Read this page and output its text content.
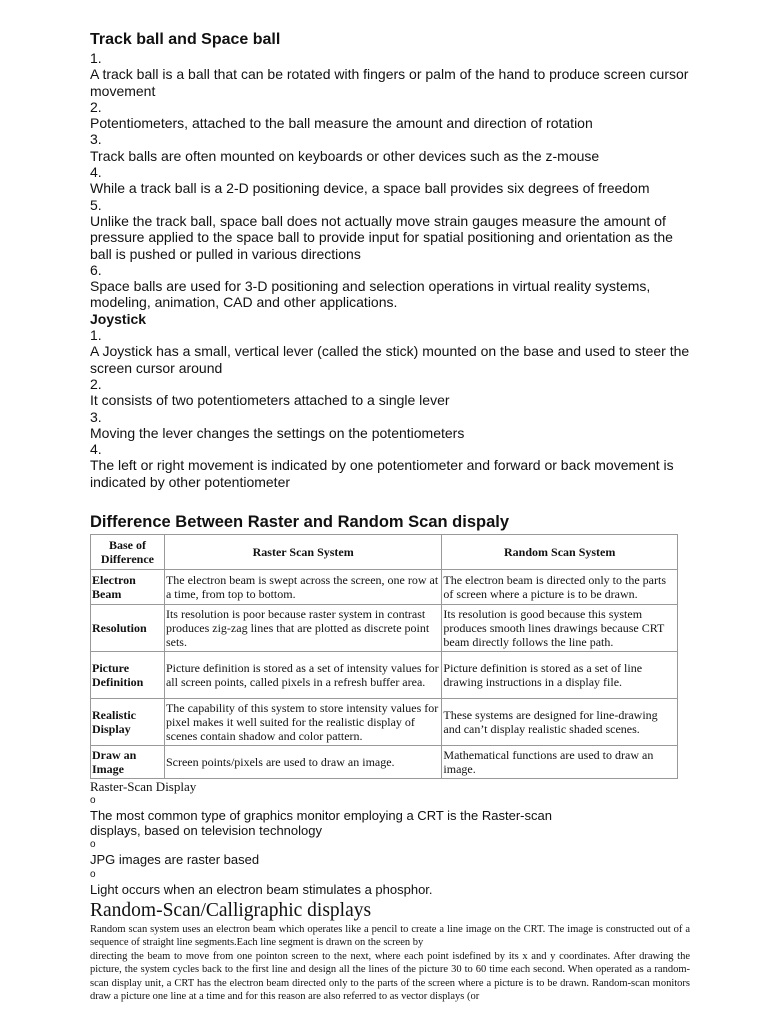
Track ball and Space ball
1.
A track ball is a ball that can be rotated with fingers or palm of the hand to produce screen cursor movement
2.
Potentiometers, attached to the ball measure the amount and direction of rotation
3.
Track balls are often mounted on keyboards or other devices such as the z-mouse
4.
While a track ball is a 2-D positioning device, a space ball provides six degrees of freedom
5.
Unlike the track ball, space ball does not actually move strain gauges measure the amount of pressure applied to the space ball to provide input for spatial positioning and orientation as the ball is pushed or pulled in various directions
6.
Space balls are used for 3-D positioning and selection operations in virtual reality systems, modeling, animation, CAD and other applications.
Joystick
1.
A Joystick has a small, vertical lever (called the stick) mounted on the base and used to steer the screen cursor around
2.
It consists of two potentiometers attached to a single lever
3.
Moving the lever changes the settings on the potentiometers
4.
The left or right movement is indicated by one potentiometer and forward or back movement is indicated by other potentiometer
Difference Between Raster and Random Scan dispaly
Base of Difference	Raster Scan System	Random Scan System
Electron Beam	The electron beam is swept across the screen, one row at a time, from top to bottom.	The electron beam is directed only to the parts of screen where a picture is to be drawn.
Resolution	Its resolution is poor because raster system in contrast produces zig-zag lines that are plotted as discrete point sets.	Its resolution is good because this system produces smooth lines drawings because CRT beam directly follows the line path.
Picture Definition	Picture definition is stored as a set of intensity values for all screen points, called pixels in a refresh buffer area.	Picture definition is stored as a set of line drawing instructions in a display file.
Realistic Display	The capability of this system to store intensity values for pixel makes it well suited for the realistic display of scenes contain shadow and color pattern.	These systems are designed for line-drawing and can’t display realistic shaded scenes.
Draw an Image	Screen points/pixels are used to draw an image.	Mathematical functions are used to draw an image.
Raster-Scan Display
o
The most common type of graphics monitor employing a CRT is the Raster-scan displays, based on television technology
o
JPG images are raster based
o
Light occurs when an electron beam stimulates a phosphor.
Random-Scan/Calligraphic displays
Random scan system uses an electron beam which operates like a pencil to create a line image on the CRT. The image is constructed out of a sequence of straight line segments.Each line segment is drawn on the screen by
directing the beam to move from one pointon screen to the next, where each point isdefined by its x and y coordinates. After drawing the picture, the system cycles back to the first line and design all the lines of the picture 30 to 60 time each second. When operated as a random-scan display unit, a CRT has the electron beam directed only to the parts of the screen where a picture is to be drawn. Random-scan monitors draw a picture one line at a time and for this reason are also referred to as vector displays (or
